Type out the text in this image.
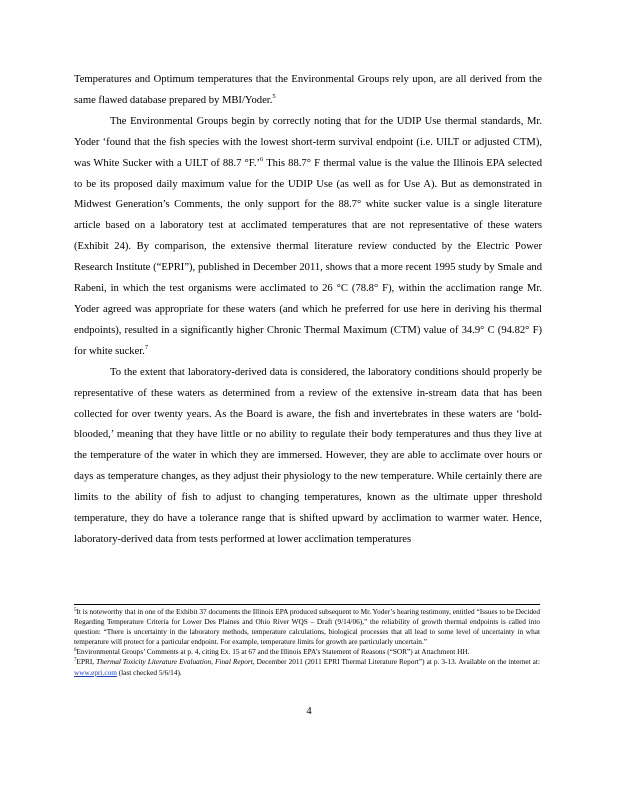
Temperatures and Optimum temperatures that the Environmental Groups rely upon, are all derived from the same flawed database prepared by MBI/Yoder.$^5$

The Environmental Groups begin by correctly noting that for the UDIP Use thermal standards, Mr. Yoder ‘found that the fish species with the lowest short-term survival endpoint (i.e. UILT or adjusted CTM), was White Sucker with a UILT of 88.7 °F.’$^6$ This 88.7° F thermal value is the value the Illinois EPA selected to be its proposed daily maximum value for the UDIP Use (as well as for Use A). But as demonstrated in Midwest Generation’s Comments, the only support for the 88.7° white sucker value is a single literature article based on a laboratory test at acclimated temperatures that are not representative of these waters (Exhibit 24). By comparison, the extensive thermal literature review conducted by the Electric Power Research Institute (“EPRI”), published in December 2011, shows that a more recent 1995 study by Smale and Rabeni, in which the test organisms were acclimated to 26 °C (78.8° F), within the acclimation range Mr. Yoder agreed was appropriate for these waters (and which he preferred for use here in deriving his thermal endpoints), resulted in a significantly higher Chronic Thermal Maximum (CTM) value of 34.9° C (94.82° F) for white sucker.$^7$

To the extent that laboratory-derived data is considered, the laboratory conditions should properly be representative of these waters as determined from a review of the extensive in-stream data that has been collected for over twenty years. As the Board is aware, the fish and invertebrates in these waters are ‘bold-blooded,’ meaning that they have little or no ability to regulate their body temperatures and thus they live at the temperature of the water in which they are immersed. However, they are able to acclimate over hours or days as temperature changes, as they adjust their physiology to the new temperature. While certainly there are limits to the ability of fish to adjust to changing temperatures, known as the ultimate upper threshold temperature, they do have a tolerance range that is shifted upward by acclimation to warmer water. Hence, laboratory-derived data from tests performed at lower acclimation temperatures

$^5$It is noteworthy that in one of the Exhibit 37 documents the Illinois EPA produced subsequent to Mr. Yoder’s hearing testimony, entitled “Issues to be Decided Regarding Temperature Criteria for Lower Des Plaines and Ohio River WQS – Draft (9/14/06),” the reliability of growth thermal endpoints is called into question: “There is uncertainty in the laboratory methods, temperature calculations, biological processes that all lead to some level of uncertainty in what temperature will protect for a particular endpoint. For example, temperature limits for growth are particularly uncertain.”

$^6$Environmental Groups’ Comments at p. 4, citing Ex. 15 at 67 and the Illinois EPA’s Statement of Reasons (“SOR”) at Attachment HH.

$^7$EPRI, Thermal Toxicity Literature Evaluation, Final Report, December 2011 (2011 EPRI Thermal Literature Report”) at p. 3-13. Available on the internet at: www.epri.com (last checked 5/6/14).

4
